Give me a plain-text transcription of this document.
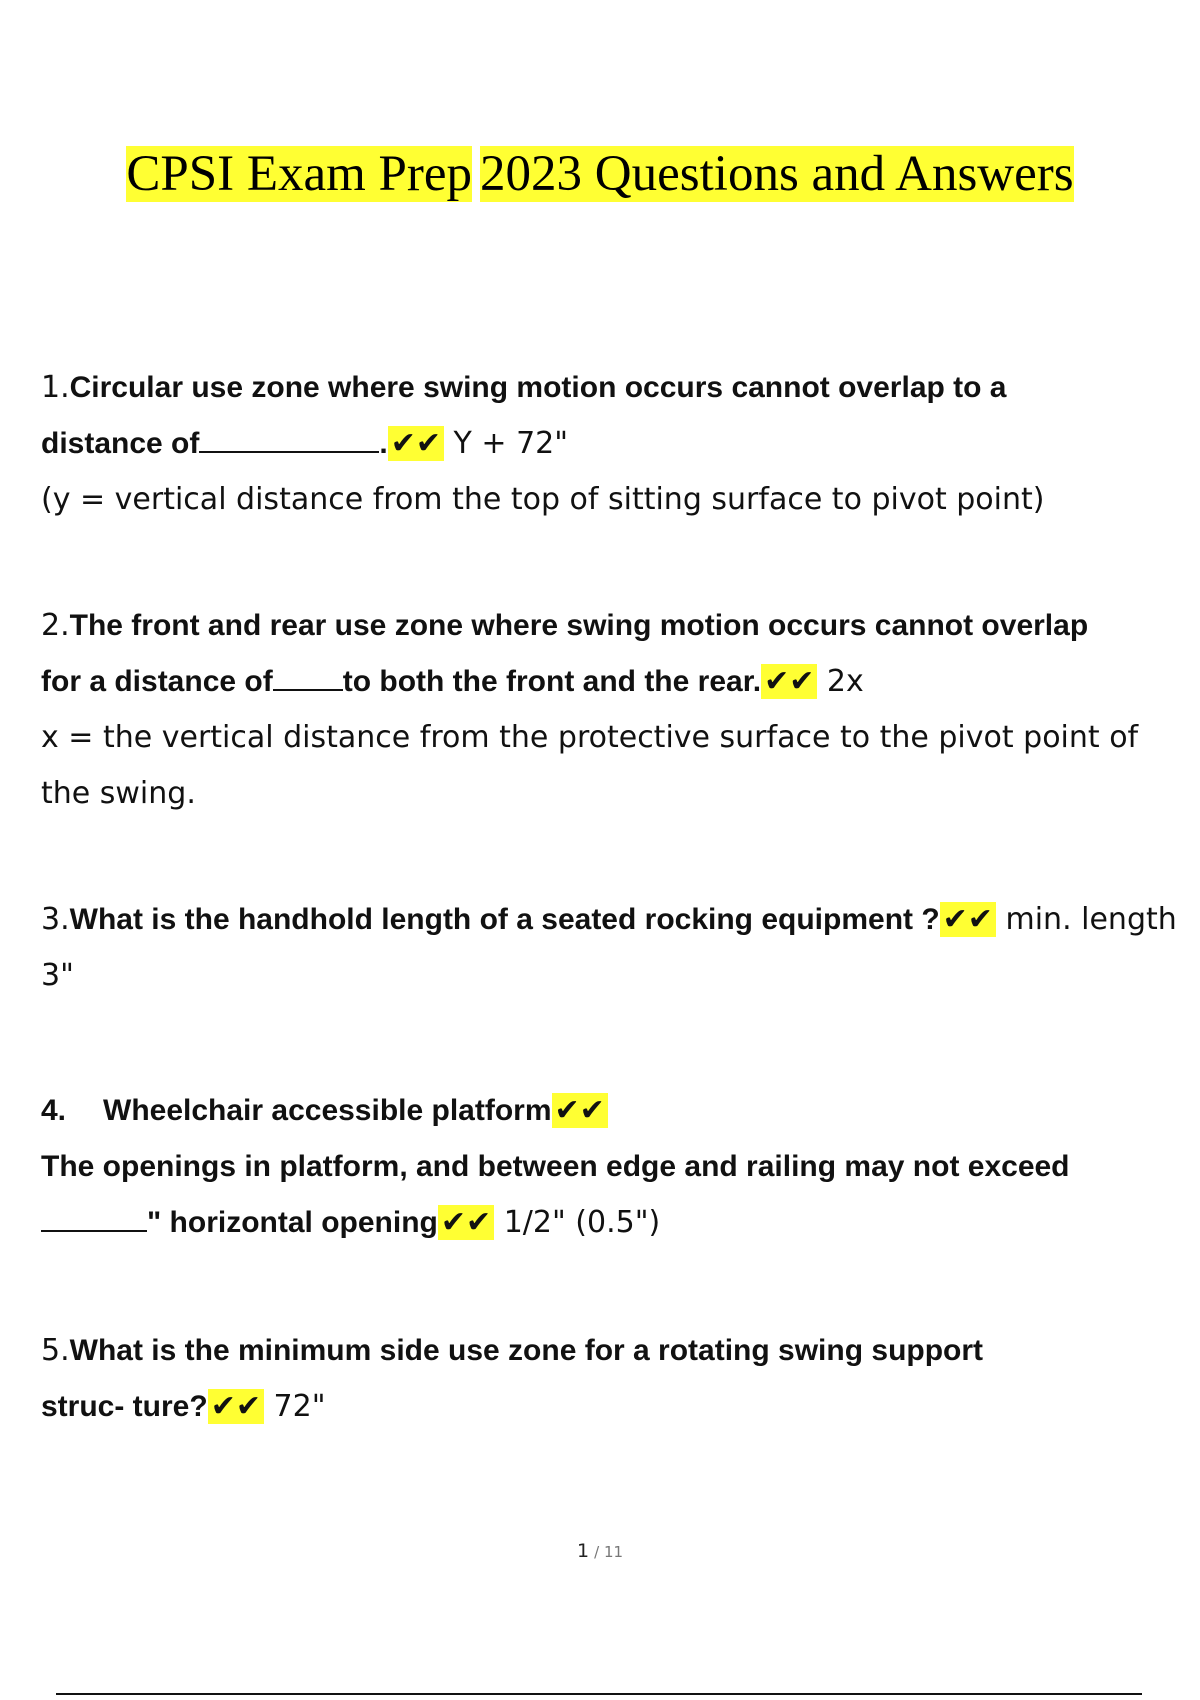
CPSI Exam Prep 2023 Questions and Answers
1.Circular use zone where swing motion occurs cannot overlap to a
distance of	. ✔✔ Y + 72"
(y = vertical distance from the top of sitting surface to pivot point)
2.The front and rear use zone where swing motion occurs cannot overlap
for a distance of to both the front and the rear. ✔✔ 2x
x = the vertical distance from the protective surface to the pivot point of the swing.
3.What is the handhold length of a seated rocking equipment ? ✔✔ min. length 3"
4. Wheelchair accessible platform ✔✔
The openings in platform, and between edge and railing may not exceed
" horizontal opening ✔✔ 1/2" (0.5")
5.What is the minimum side use zone for a rotating swing support
struc- ture? ✔✔ 72"
1 / 11
